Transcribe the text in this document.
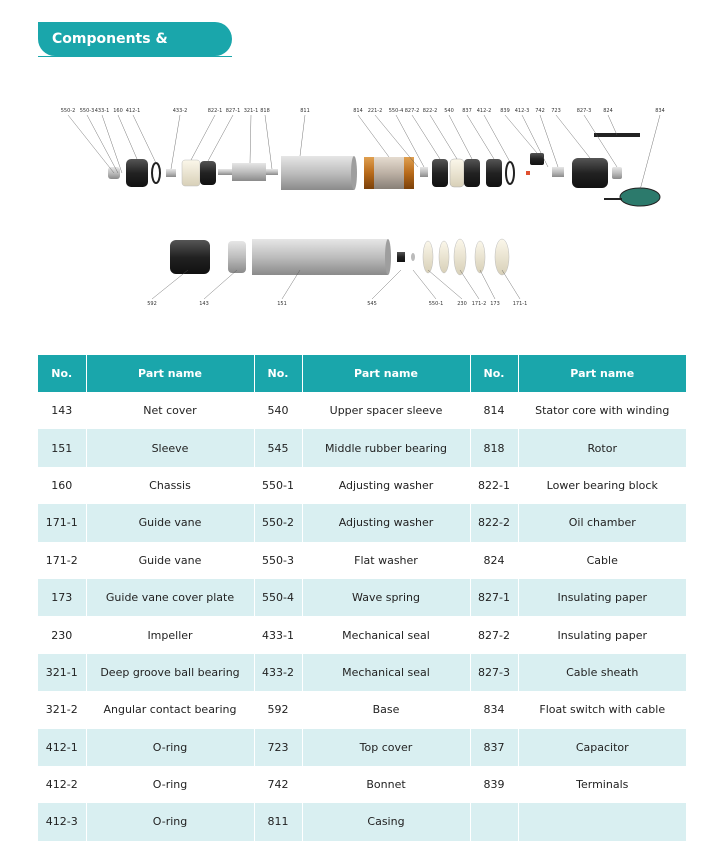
Components & Materials
550-2 550-3 433-1 160 412-1	433-2	822-1 827-1 321-1 818	811	814 221-2 550-4 827-2 822-2 540 837 412-2 839 412-3 742 723	827-3 824	834
592	143	151	545	550-1	230 171-2 173	171-1
No.	Part name	No.	Part name	No.	Part name
143	Net cover	540	Upper spacer sleeve	814	Stator core with winding
151	Sleeve	545	Middle rubber bearing	818	Rotor
160	Chassis	550-1	Adjusting washer	822-1	Lower bearing block
171-1	Guide vane	550-2	Adjusting washer	822-2	Oil chamber
171-2	Guide vane	550-3	Flat washer	824	Cable
173	Guide vane cover plate	550-4	Wave spring	827-1	Insulating paper
230	Impeller	433-1	Mechanical seal	827-2	Insulating paper
321-1	Deep groove ball bearing	433-2	Mechanical seal	827-3	Cable sheath
321-2	Angular contact bearing	592	Base	834	Float switch with cable
412-1	O-ring	723	Top cover	837	Capacitor
412-2	O-ring	742	Bonnet	839	Terminals
412-3	O-ring	811	Casing		
